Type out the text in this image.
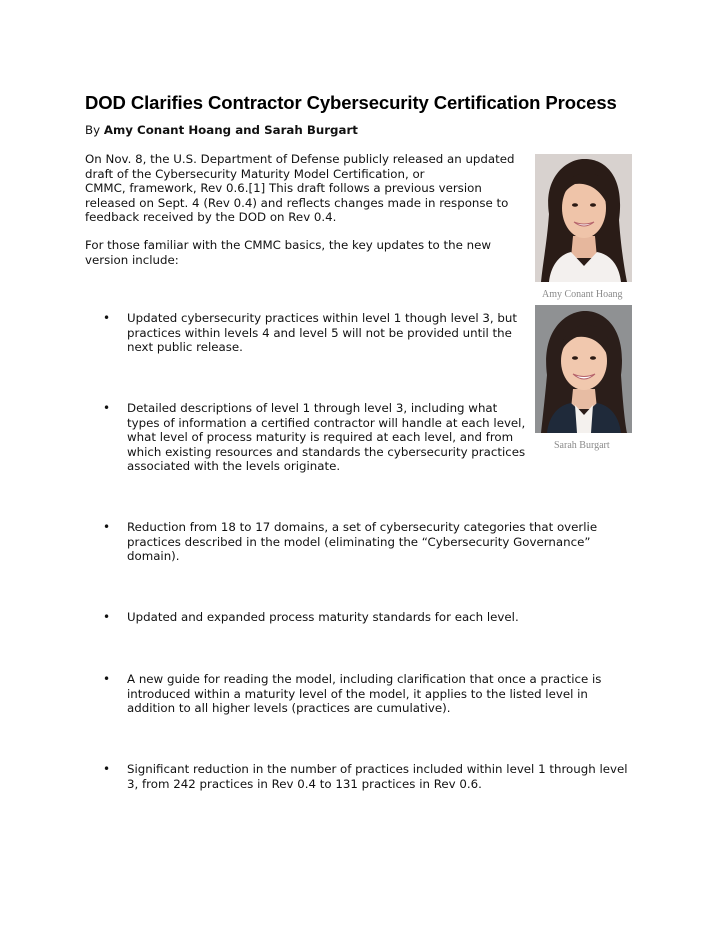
DOD Clarifies Contractor Cybersecurity Certification Process
By Amy Conant Hoang and Sarah Burgart
On Nov. 8, the U.S. Department of Defense publicly released an updated
draft of the Cybersecurity Maturity Model Certification, or
CMMC, framework, Rev 0.6.[1] This draft follows a previous version
released on Sept. 4 (Rev 0.4) and reflects changes made in response to
feedback received by the DOD on Rev 0.4.
For those familiar with the CMMC basics, the key updates to the new
version include:
Amy Conant Hoang
Sarah Burgart
• Updated cybersecurity practices within level 1 though level 3, but
practices within levels 4 and level 5 will not be provided until the
next public release.
• Detailed descriptions of level 1 through level 3, including what
types of information a certified contractor will handle at each level,
what level of process maturity is required at each level, and from
which existing resources and standards the cybersecurity practices
associated with the levels originate.
• Reduction from 18 to 17 domains, a set of cybersecurity categories that overlie
practices described in the model (eliminating the “Cybersecurity Governance”
domain).
• Updated and expanded process maturity standards for each level.
• A new guide for reading the model, including clarification that once a practice is
introduced within a maturity level of the model, it applies to the listed level in
addition to all higher levels (practices are cumulative).
• Significant reduction in the number of practices included within level 1 through level
3, from 242 practices in Rev 0.4 to 131 practices in Rev 0.6.
